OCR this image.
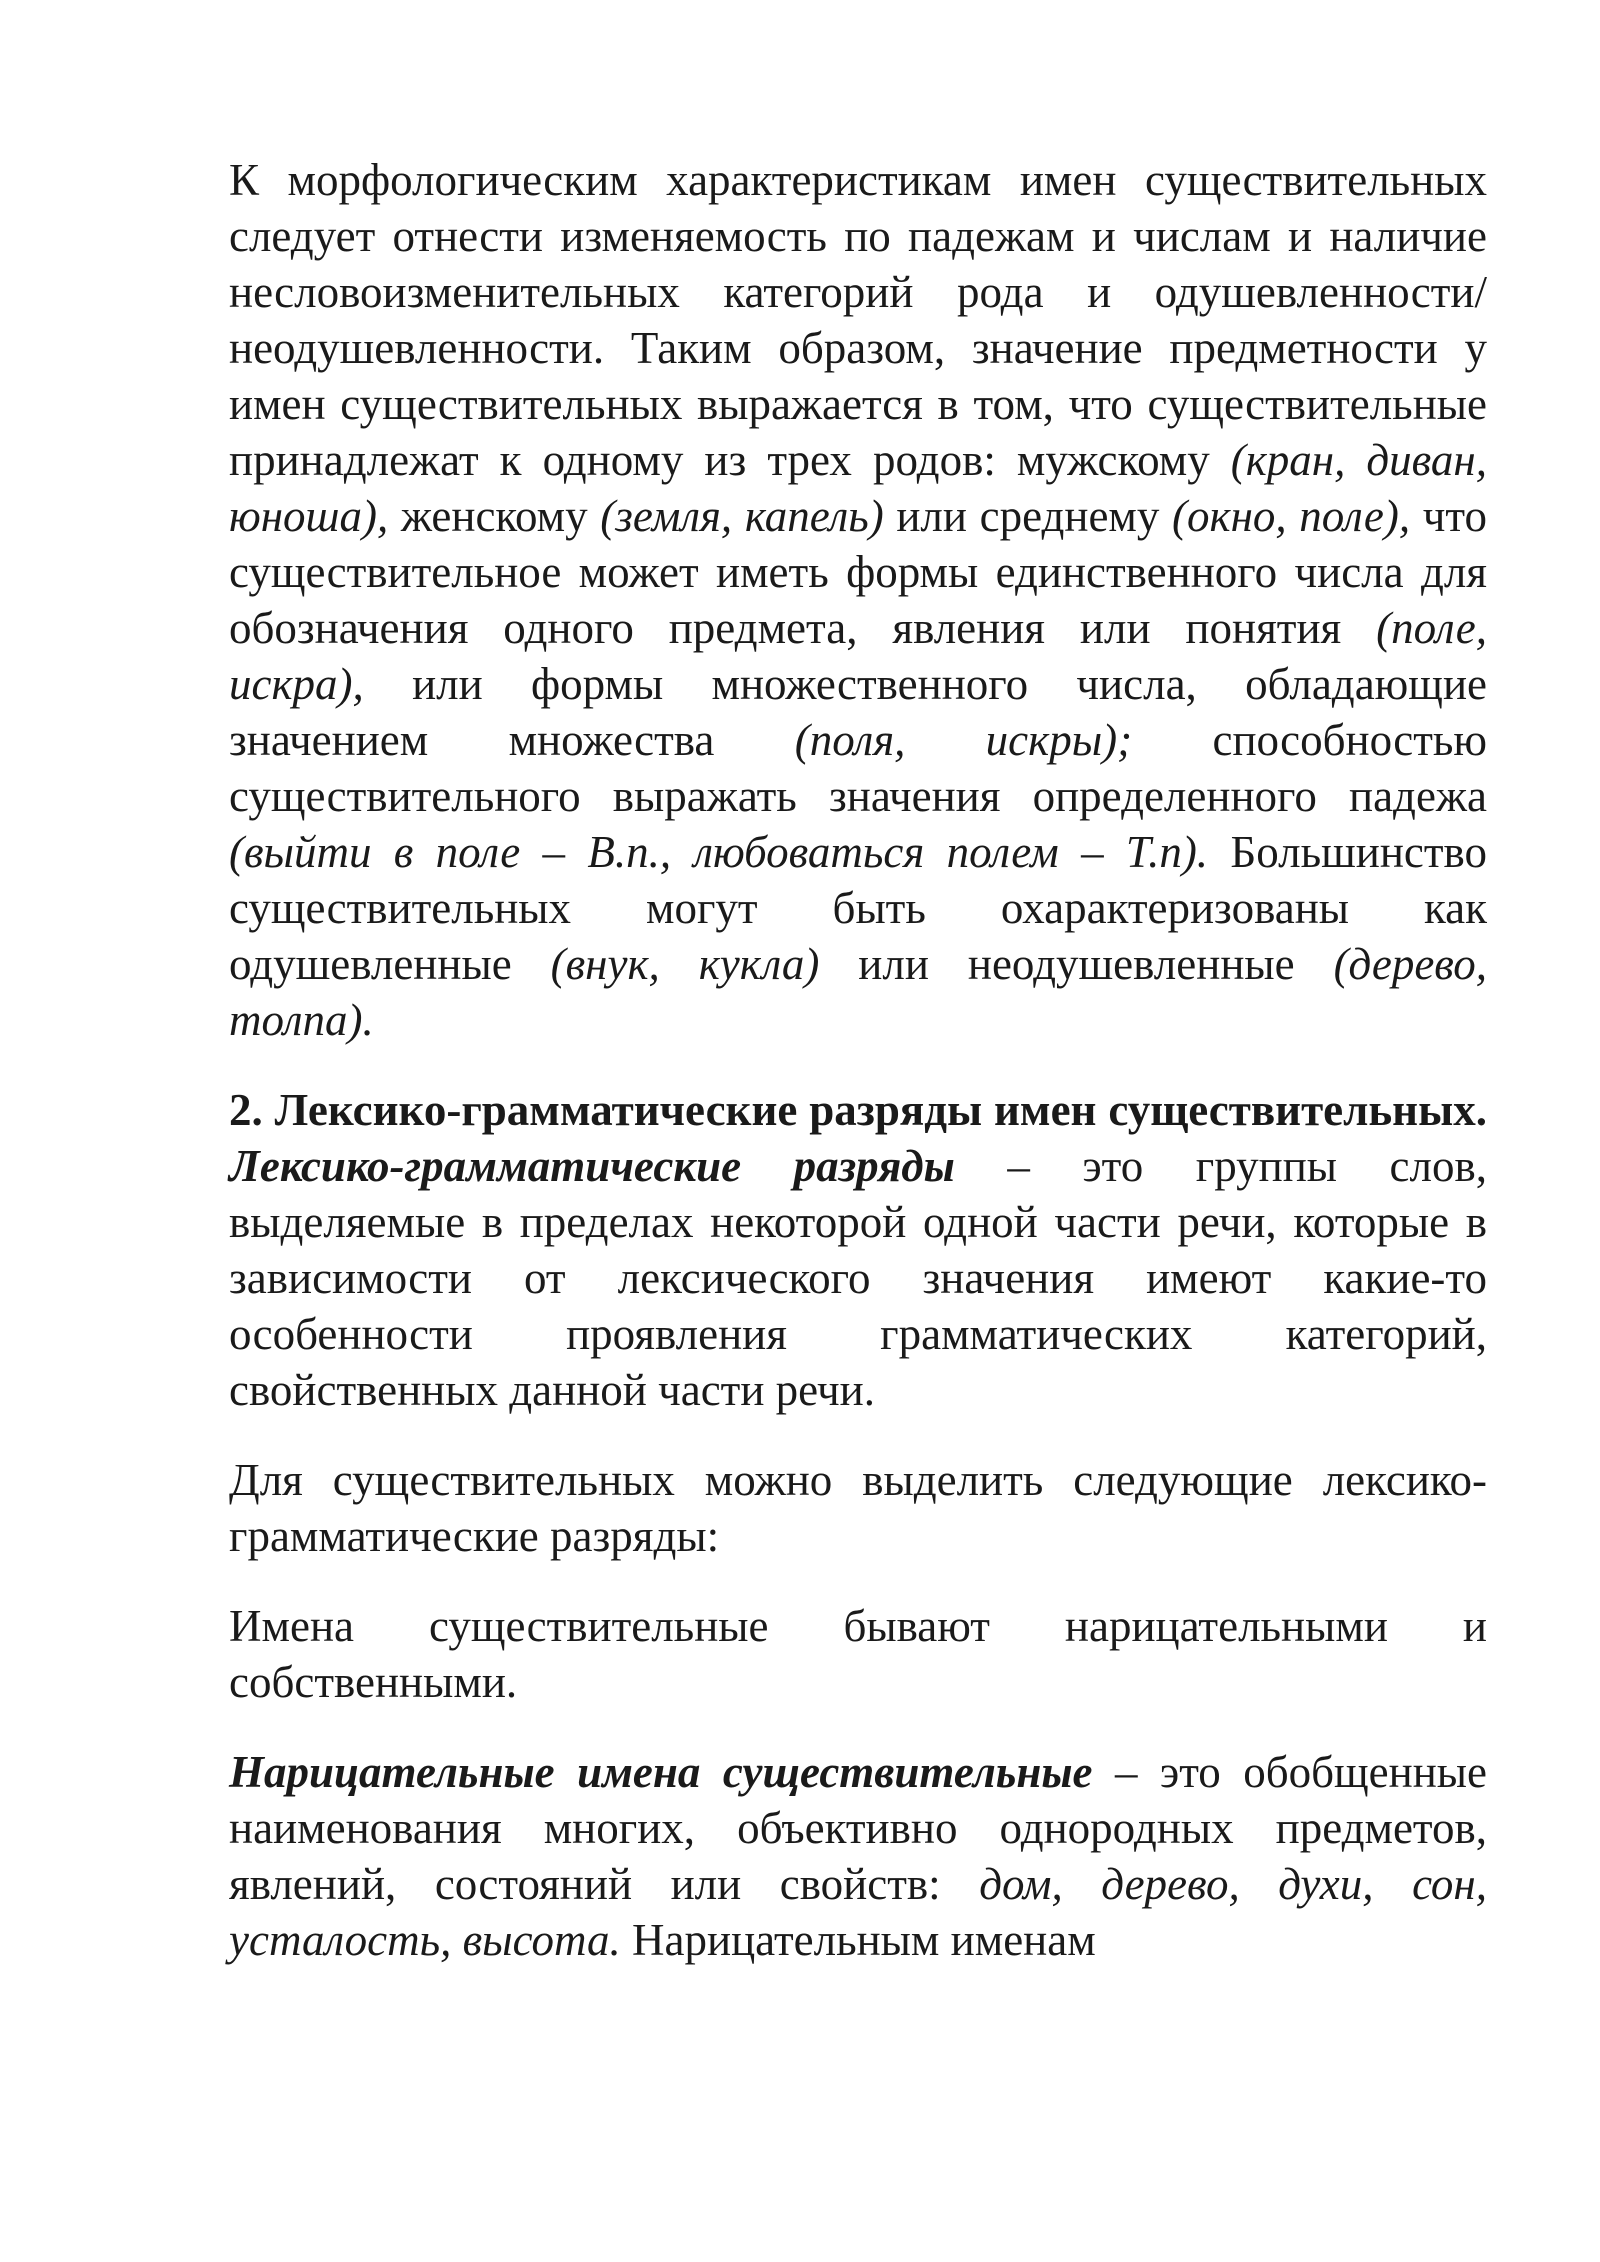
К морфологическим характеристикам имен существительных следует отнести изменяемость по падежам и числам и наличие несловоизменительных категорий рода и одушевленности/неодушевленности. Таким образом, значение предметности у имен существительных выражается в том, что существительные принадлежат к одному из трех родов: мужскому (кран, диван, юноша), женскому (земля, капель) или среднему (окно, поле), что существительное может иметь формы единственного числа для обозначения одного предмета, явления или понятия (поле, искра), или формы множественного числа, обладающие значением множества (поля, искры); способностью существительного выражать значения определенного падежа (выйти в поле – В.п., любоваться полем – Т.п). Большинство существительных могут быть охарактеризованы как одушевленные (внук, кукла) или неодушевленные (дерево, толпа).

2. Лексико-грамматические разряды имен существительных. Лексико-грамматические разряды – это группы слов, выделяемые в пределах некоторой одной части речи, которые в зависимости от лексического значения имеют какие-то особенности проявления грамматических категорий, свойственных данной части речи.

Для существительных можно выделить следующие лексико-грамматические разряды:

Имена существительные бывают нарицательными и собственными.

Нарицательные имена существительные – это обобщенные наименования многих, объективно однородных предметов, явлений, состояний или свойств: дом, дерево, духи, сон, усталость, высота. Нарицательным именам
